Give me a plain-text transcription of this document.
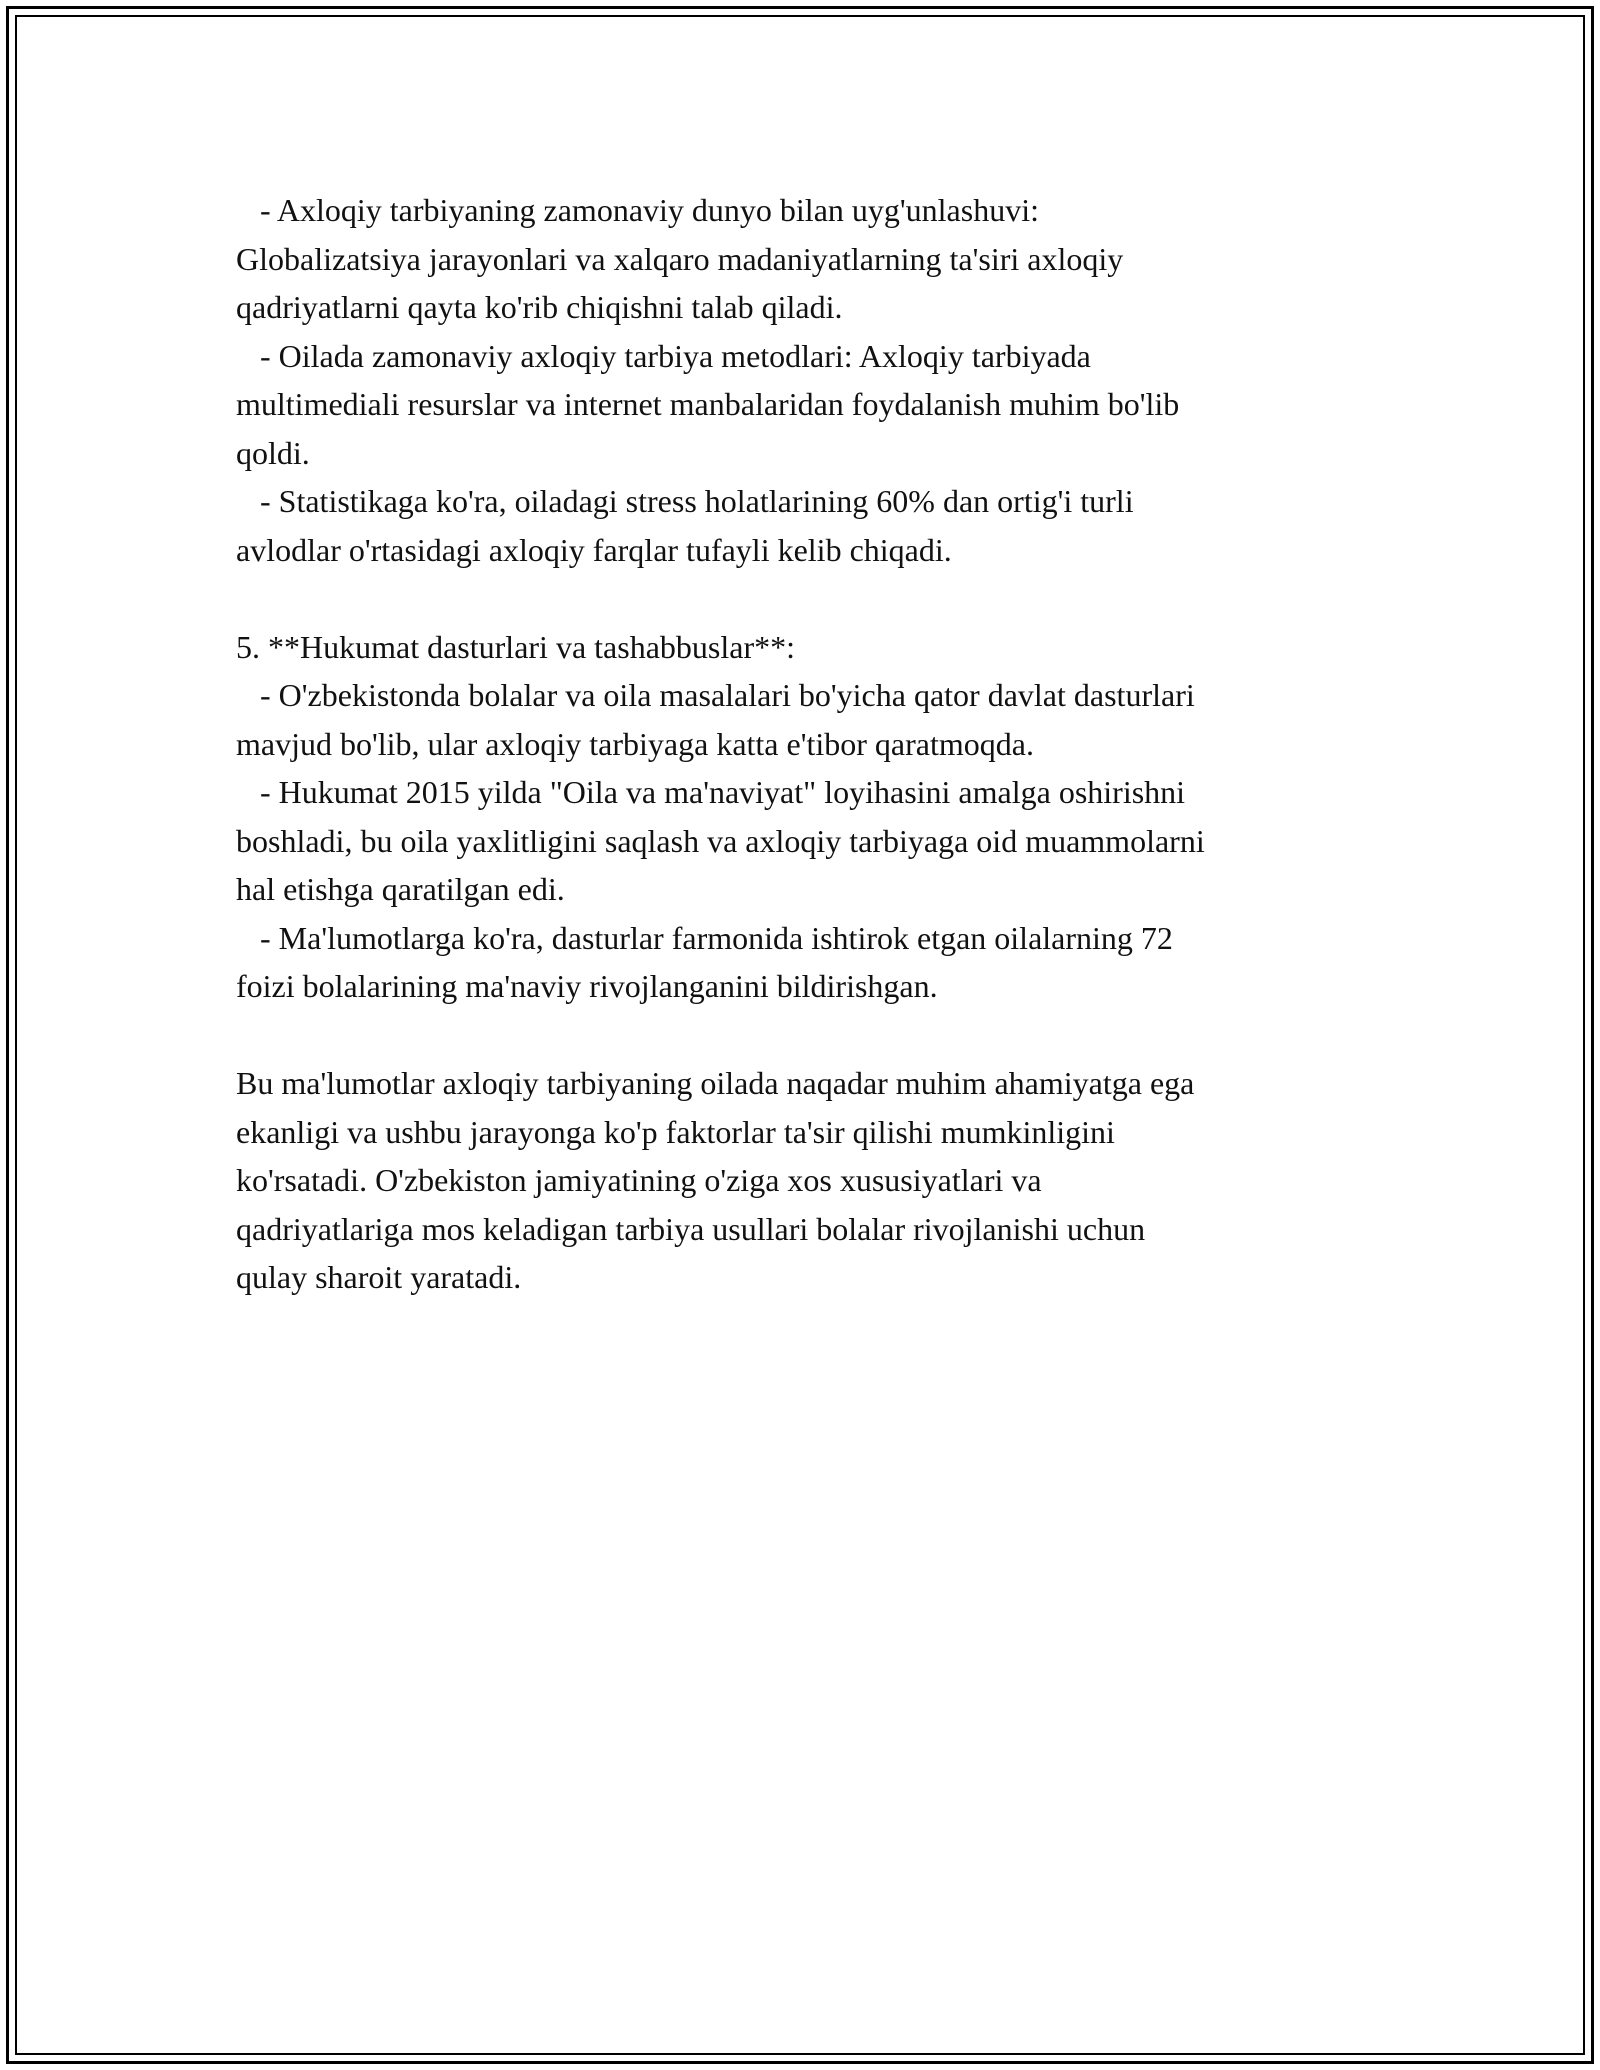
- Axloqiy tarbiyaning zamonaviy dunyo bilan uyg'unlashuvi:

Globalizatsiya jarayonlari va xalqaro madaniyatlarning ta'siri axloqiy

qadriyatlarni qayta ko'rib chiqishni talab qiladi.

- Oilada zamonaviy axloqiy tarbiya metodlari: Axloqiy tarbiyada

multimediali resurslar va internet manbalaridan foydalanish muhim bo'lib

qoldi.

- Statistikaga ko'ra, oiladagi stress holatlarining 60% dan ortig'i turli

avlodlar o'rtasidagi axloqiy farqlar tufayli kelib chiqadi.

5. **Hukumat dasturlari va tashabbuslar**:

- O'zbekistonda bolalar va oila masalalari bo'yicha qator davlat dasturlari

mavjud bo'lib, ular axloqiy tarbiyaga katta e'tibor qaratmoqda.

- Hukumat 2015 yilda "Oila va ma'naviyat" loyihasini amalga oshirishni

boshladi, bu oila yaxlitligini saqlash va axloqiy tarbiyaga oid muammolarni

hal etishga qaratilgan edi.

- Ma'lumotlarga ko'ra, dasturlar farmonida ishtirok etgan oilalarning 72

foizi bolalarining ma'naviy rivojlanganini bildirishgan.

Bu ma'lumotlar axloqiy tarbiyaning oilada naqadar muhim ahamiyatga ega

ekanligi va ushbu jarayonga ko'p faktorlar ta'sir qilishi mumkinligini

ko'rsatadi. O'zbekiston jamiyatining o'ziga xos xususiyatlari va

qadriyatlariga mos keladigan tarbiya usullari bolalar rivojlanishi uchun

qulay sharoit yaratadi.
